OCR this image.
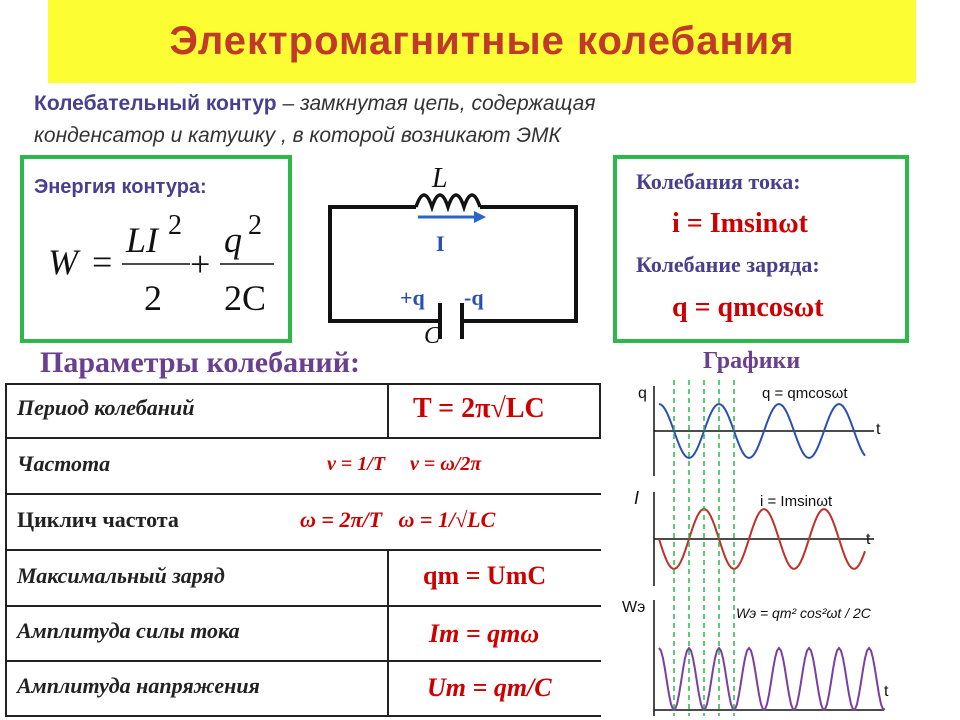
Электромагнитные колебания
Колебательный контур – замкнутая цепь, содержащая
конденсатор и катушку , в которой возникают ЭМК
Энергия контура:
W =
LI 2
2
+
q 2
2C
L
C
I
+q -q
Колебания тока:
i = Imsinωt
Колебание заряда:
q = qmcosωt
Параметры колебаний:	Графики
Период колебаний	T = 2π√LC
Частота	ν = 1/T     ν = ω/2π
Циклич частота	ω = 2π/T   ω = 1/√LC
Максимальный заряд	qm = UmC
Амплитуда силы тока	Im = qmω
Амплитуда напряжения	Um = qm/C
q
t
q = qmcosωt
I
t
i = Imsinωt
Wэ
t
Wэ = qm² cos²ωt / 2C
